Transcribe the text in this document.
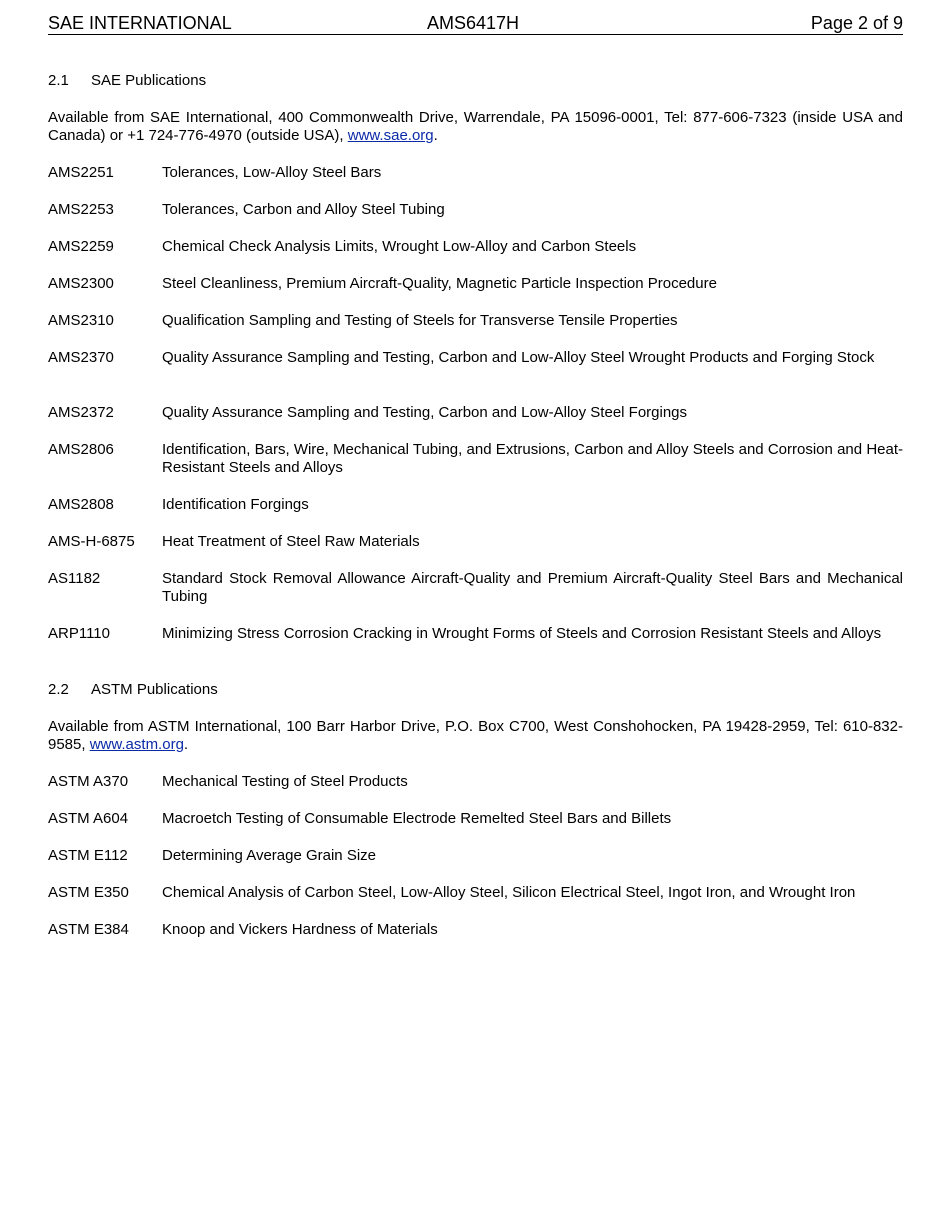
SAE INTERNATIONAL	AMS6417H	Page 2 of 9
2.1 SAE Publications
Available from SAE International, 400 Commonwealth Drive, Warrendale, PA 15096-0001, Tel: 877-606-7323 (inside USA and Canada) or +1 724-776-4970 (outside USA), www.sae.org.
AMS2251	Tolerances, Low-Alloy Steel Bars
AMS2253	Tolerances, Carbon and Alloy Steel Tubing
AMS2259	Chemical Check Analysis Limits, Wrought Low-Alloy and Carbon Steels
AMS2300	Steel Cleanliness, Premium Aircraft-Quality, Magnetic Particle Inspection Procedure
AMS2310	Qualification Sampling and Testing of Steels for Transverse Tensile Properties
AMS2370	Quality Assurance Sampling and Testing, Carbon and Low-Alloy Steel Wrought Products and Forging Stock
AMS2372	Quality Assurance Sampling and Testing, Carbon and Low-Alloy Steel Forgings
AMS2806	Identification, Bars, Wire, Mechanical Tubing, and Extrusions, Carbon and Alloy Steels and Corrosion and Heat-Resistant Steels and Alloys
AMS2808	Identification Forgings
AMS-H-6875 Heat Treatment of Steel Raw Materials
AS1182	Standard Stock Removal Allowance Aircraft-Quality and Premium Aircraft-Quality Steel Bars and Mechanical Tubing
ARP1110	Minimizing Stress Corrosion Cracking in Wrought Forms of Steels and Corrosion Resistant Steels and Alloys
2.2 ASTM Publications
Available from ASTM International, 100 Barr Harbor Drive, P.O. Box C700, West Conshohocken, PA 19428-2959, Tel: 610-832-9585, www.astm.org.
ASTM A370 Mechanical Testing of Steel Products
ASTM A604 Macroetch Testing of Consumable Electrode Remelted Steel Bars and Billets
ASTM E112 Determining Average Grain Size
ASTM E350 Chemical Analysis of Carbon Steel, Low-Alloy Steel, Silicon Electrical Steel, Ingot Iron, and Wrought Iron
ASTM E384 Knoop and Vickers Hardness of Materials
